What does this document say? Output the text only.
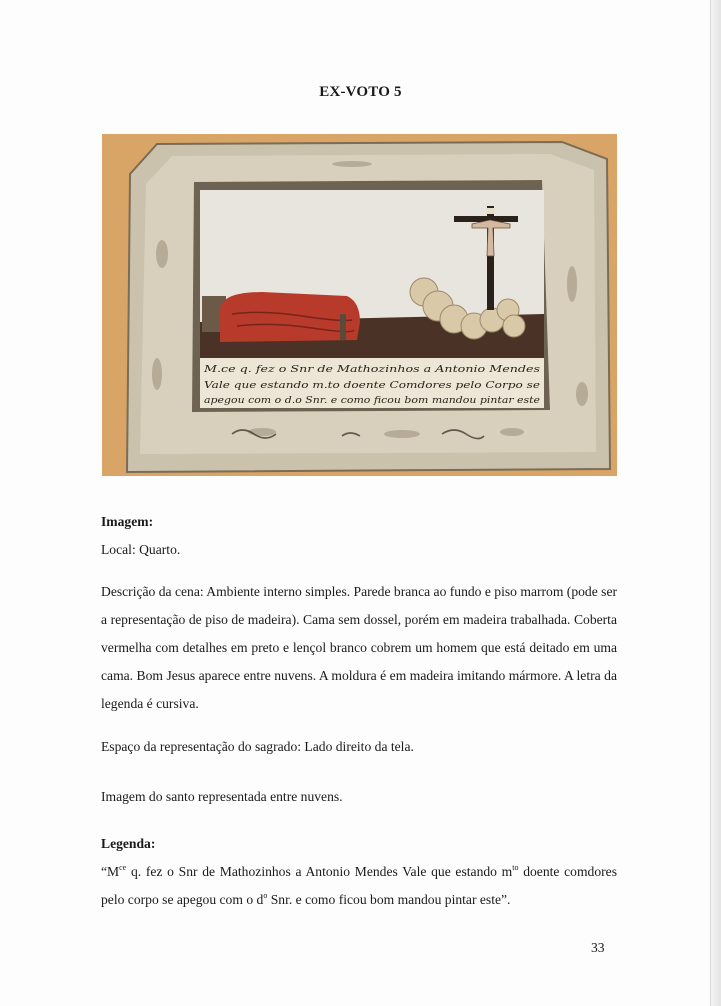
EX-VOTO 5
M.ce q. fez o Snr de Mathozinhos a Antonio Mendes
Vale que estando m.to doente Comdores pelo Corpo se
apegou com o d.o Snr. e como ficou bom mandou pintar este

Imagem:

Local: Quarto.

Descrição da cena: Ambiente interno simples. Parede branca ao fundo e piso marrom (pode ser a representação de piso de madeira). Cama sem dossel, porém em madeira trabalhada. Coberta vermelha com detalhes em preto e lençol branco cobrem um homem que está deitado em uma cama. Bom Jesus aparece entre nuvens. A moldura é em madeira imitando mármore. A letra da legenda é cursiva.

Espaço da representação do sagrado: Lado direito da tela.

Imagem do santo representada entre nuvens.

Legenda:

“$M^{ce}$ q. fez o Snr de Mathozinhos a Antonio Mendes Vale que estando $m^{to}$ doente comdores pelo corpo se apegou com o $d^o$ Snr. e como ficou bom mandou pintar este”.

33
